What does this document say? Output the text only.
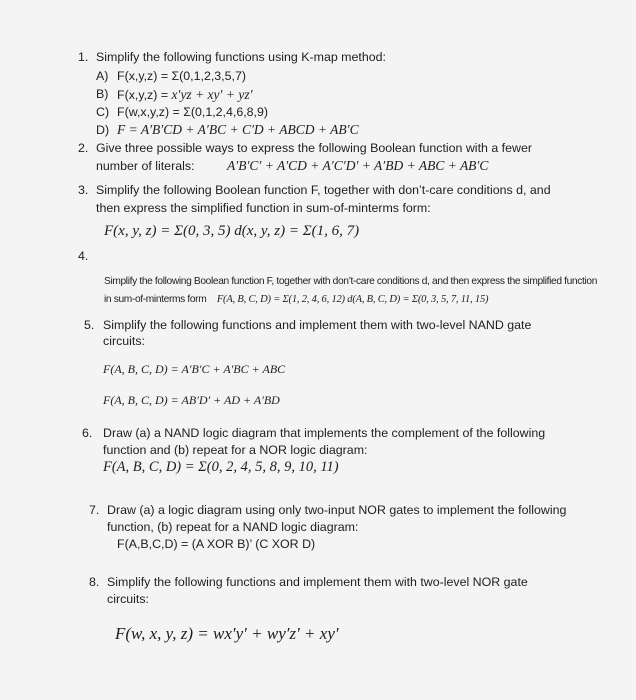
1. Simplify the following functions using K-map method:
A) F(x,y,z) = Σ(0,1,2,3,5,7)
B) F(x,y,z) = x′yz + xy′ + yz′
C) F(w,x,y,z) = Σ(0,1,2,4,6,8,9)
D) F = A′B′CD + A′BC + C′D + ABCD + AB′C
2. Give three possible ways to express the following Boolean function with a fewer
number of literals: A′B′C′ + A′CD + A′C′D′ + A′BD + ABC + AB′C
3. Simplify the following Boolean function F, together with don’t-care conditions d, and
then express the simplified function in sum-of-minterms form:
F(x, y, z) = Σ(0, 3, 5) d(x, y, z) = Σ(1, 6, 7)
4.
Simplify the following Boolean function F, together with don’t-care conditions d, and then express the simplified function
in sum-of-minterms form F(A, B, C, D) = Σ(1, 2, 4, 6, 12) d(A, B, C, D) = Σ(0, 3, 5, 7, 11, 15)
5. Simplify the following functions and implement them with two-level NAND gate
circuits:
F(A, B, C, D) = A′B′C + A′BC + ABC
F(A, B, C, D) = AB′D′ + AD + A′BD
6. Draw (a) a NAND logic diagram that implements the complement of the following
function and (b) repeat for a NOR logic diagram:
F(A, B, C, D) = Σ(0, 2, 4, 5, 8, 9, 10, 11)
7. Draw (a) a logic diagram using only two-input NOR gates to implement the following
function, (b) repeat for a NAND logic diagram:
F(A,B,C,D) = (A XOR B)’ (C XOR D)
8. Simplify the following functions and implement them with two-level NOR gate
circuits:
F(w, x, y, z) = wx′y′ + wy′z′ + xy′
